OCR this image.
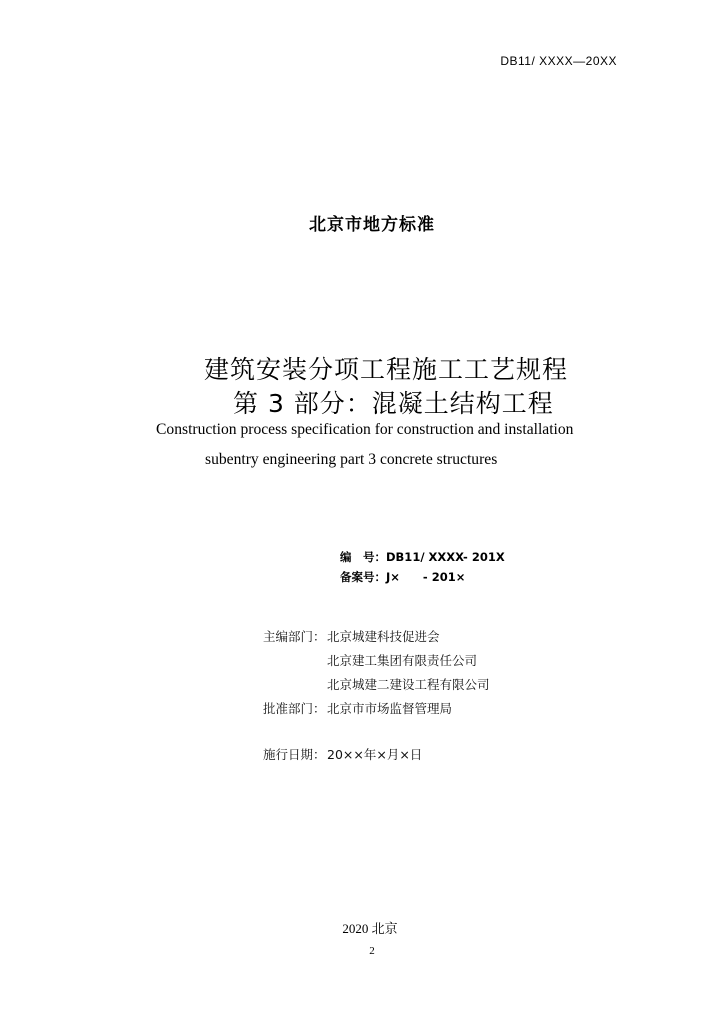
DB11/ XXXX—20XX
北京市地方标准
建筑安装分项工程施工工艺规程
第 3 部分：混凝土结构工程
Construction process specification for construction and installation
subentry engineering part 3 concrete structures
编　号：DB11/ XXXX- 201X
备案号：J×　　- 201×
主编部门：北京城建科技促进会
北京建工集团有限责任公司
北京城建二建设工程有限公司
批准部门：北京市市场监督管理局
施行日期：20××年×月×日
2020 北京
2
